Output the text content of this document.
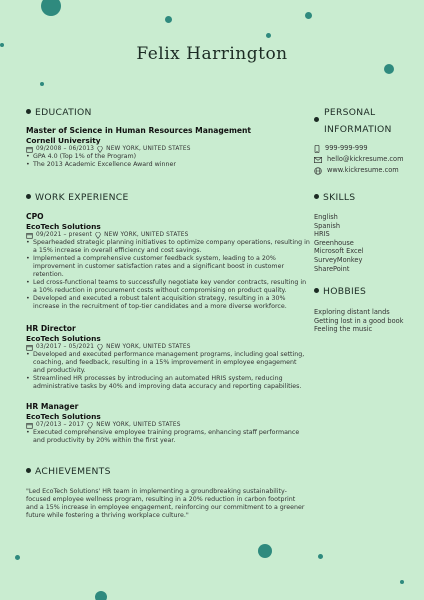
Felix Harrington
EDUCATION
Master of Science in Human Resources Management
Cornell University
09/2008 – 06/2013 NEW YORK, UNITED STATES
• GPA 4.0 (Top 1% of the Program)
• The 2013 Academic Excellence Award winner
WORK EXPERIENCE
CPO
EcoTech Solutions
09/2021 – present NEW YORK, UNITED STATES
• Spearheaded strategic planning initiatives to optimize company operations, resulting in a 15% increase in overall efficiency and cost savings.
• Implemented a comprehensive customer feedback system, leading to a 20% improvement in customer satisfaction rates and a significant boost in customer retention.
• Led cross-functional teams to successfully negotiate key vendor contracts, resulting in a 10% reduction in procurement costs without compromising on product quality.
• Developed and executed a robust talent acquisition strategy, resulting in a 30% increase in the recruitment of top-tier candidates and a more diverse workforce.
HR Director
EcoTech Solutions
03/2017 – 05/2021 NEW YORK, UNITED STATES
• Developed and executed performance management programs, including goal setting, coaching, and feedback, resulting in a 15% improvement in employee engagement and productivity.
• Streamlined HR processes by introducing an automated HRIS system, reducing administrative tasks by 40% and improving data accuracy and reporting capabilities.
HR Manager
EcoTech Solutions
07/2013 – 2017 NEW YORK, UNITED STATES
• Executed comprehensive employee training programs, enhancing staff performance and productivity by 20% within the first year.
ACHIEVEMENTS
"Led EcoTech Solutions' HR team in implementing a groundbreaking sustainability-focused employee wellness program, resulting in a 20% reduction in carbon footprint and a 15% increase in employee engagement, reinforcing our commitment to a greener future while fostering a thriving workplace culture."
PERSONAL INFORMATION
999-999-999
hello@kickresume.com
www.kickresume.com
SKILLS
English
Spanish
HRIS
Greenhouse
Microsoft Excel
SurveyMonkey
SharePoint
HOBBIES
Exploring distant lands
Getting lost in a good book
Feeling the music
